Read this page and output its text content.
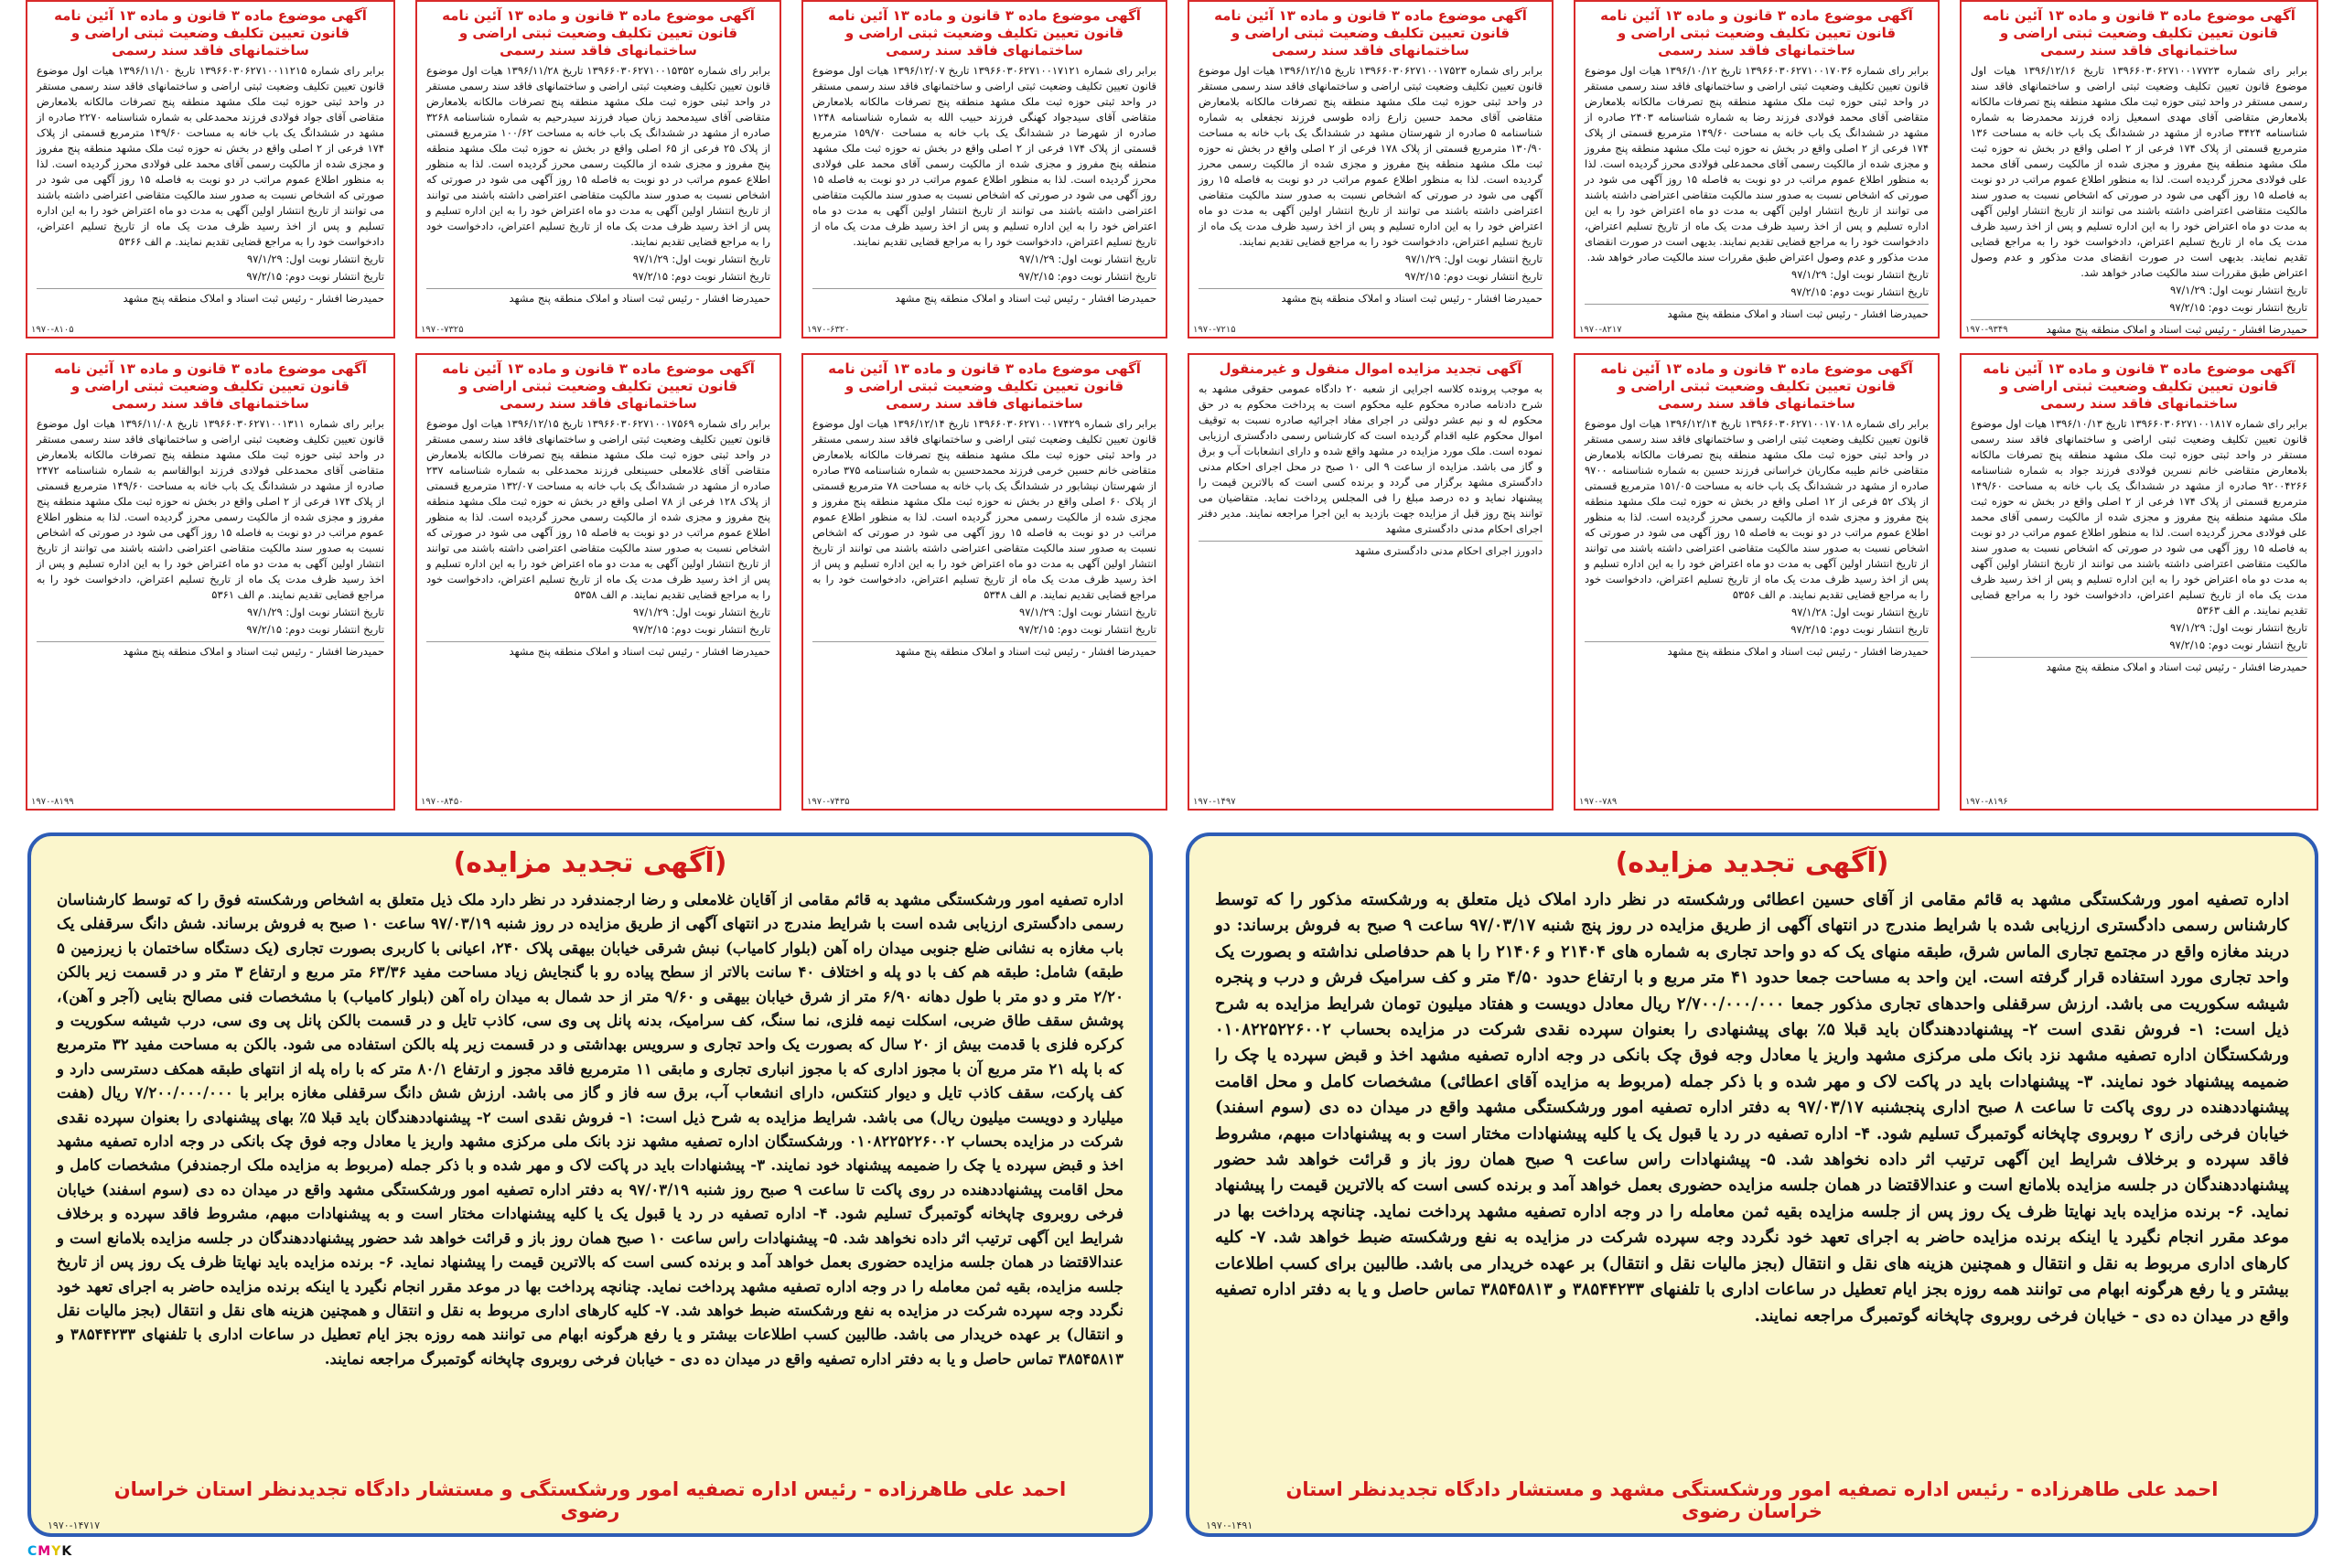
آگهی موضوع ماده ۳ قانون و ماده ۱۳ آئین نامه قانون تعیین تکلیف وضعیت ثبتی اراضی و ساختمانهای فاقد سند رسمی
برابر رای شماره ۱۳۹۶۶۰۳۰۶۲۷۱۰۰۱۷۷۲۳ تاریخ ۱۳۹۶/۱۲/۱۶ هیات اول موضوع قانون تعیین تکلیف وضعیت ثبتی اراضی و ساختمانهای فاقد سند رسمی مستقر در واحد ثبتی حوزه ثبت ملک مشهد منطقه پنج تصرفات مالکانه بلامعارض متقاضی آقای مهدی اسمعیل زاده فرزند محمدرضا به شماره شناسنامه ۳۴۲۴ صادره از مشهد در ششدانگ یک باب خانه به مساحت ۱۳۶ مترمربع قسمتی از پلاک ۱۷۴ فرعی از ۲ اصلی واقع در بخش نه حوزه ثبت ملک مشهد منطقه پنج مفروز و مجزی شده از مالکیت رسمی آقای محمد علی فولادی محرز گردیده است. لذا به منظور اطلاع عموم مراتب در دو نوبت به فاصله ۱۵ روز آگهی می شود در صورتی که اشخاص نسبت به صدور سند مالکیت متقاضی اعتراضی داشته باشند می توانند از تاریخ انتشار اولین آگهی به مدت دو ماه اعتراض خود را به این اداره تسلیم و پس از اخذ رسید ظرف مدت یک ماه از تاریخ تسلیم اعتراض، دادخواست خود را به مراجع قضایی تقدیم نمایند. بدیهی است در صورت انقضای مدت مذکور و عدم وصول اعتراض طبق مقررات سند مالکیت صادر خواهد شد.
تاریخ انتشار نوبت اول: ۹۷/۱/۲۹
تاریخ انتشار نوبت دوم: ۹۷/۲/۱۵
حمیدرضا افشار - رئیس ثبت اسناد و املاک منطقه پنج مشهد
۱۹۷۰-۹۳۴۹
آگهی موضوع ماده ۳ قانون و ماده ۱۳ آئین نامه قانون تعیین تکلیف وضعیت ثبتی اراضی و ساختمانهای فاقد سند رسمی
برابر رای شماره ۱۳۹۶۶۰۳۰۶۲۷۱۰۰۱۷۰۳۶ تاریخ ۱۳۹۶/۱۰/۱۲ هیات اول موضوع قانون تعیین تکلیف وضعیت ثبتی اراضی و ساختمانهای فاقد سند رسمی مستقر در واحد ثبتی حوزه ثبت ملک مشهد منطقه پنج تصرفات مالکانه بلامعارض متقاضی آقای محمد فولادی فرزند رضا به شماره شناسنامه ۲۴۰۳ صادره از مشهد در ششدانگ یک باب خانه به مساحت ۱۴۹/۶۰ مترمربع قسمتی از پلاک ۱۷۴ فرعی از ۲ اصلی واقع در بخش نه حوزه ثبت ملک مشهد منطقه پنج مفروز و مجزی شده از مالکیت رسمی آقای محمدعلی فولادی محرز گردیده است. لذا به منظور اطلاع عموم مراتب در دو نوبت به فاصله ۱۵ روز آگهی می شود در صورتی که اشخاص نسبت به صدور سند مالکیت متقاضی اعتراضی داشته باشند می توانند از تاریخ انتشار اولین آگهی به مدت دو ماه اعتراض خود را به این اداره تسلیم و پس از اخذ رسید ظرف مدت یک ماه از تاریخ تسلیم اعتراض، دادخواست خود را به مراجع قضایی تقدیم نمایند. بدیهی است در صورت انقضای مدت مذکور و عدم وصول اعتراض طبق مقررات سند مالکیت صادر خواهد شد.
تاریخ انتشار نوبت اول: ۹۷/۱/۲۹
تاریخ انتشار نوبت دوم: ۹۷/۲/۱۵
حمیدرضا افشار - رئیس ثبت اسناد و املاک منطقه پنج مشهد
۱۹۷۰-۸۲۱۷
آگهی موضوع ماده ۳ قانون و ماده ۱۳ آئین نامه قانون تعیین تکلیف وضعیت ثبتی اراضی و ساختمانهای فاقد سند رسمی
برابر رای شماره ۱۳۹۶۶۰۳۰۶۲۷۱۰۰۱۷۵۲۳ تاریخ ۱۳۹۶/۱۲/۱۵ هیات اول موضوع قانون تعیین تکلیف وضعیت ثبتی اراضی و ساختمانهای فاقد سند رسمی مستقر در واحد ثبتی حوزه ثبت ملک مشهد منطقه پنج تصرفات مالکانه بلامعارض متقاضی آقای محمد حسین زارع زاده طوسی فرزند نجفعلی به شماره شناسنامه ۵ صادره از شهرستان مشهد در ششدانگ یک باب خانه به مساحت ۱۳۰/۹۰ مترمربع قسمتی از پلاک ۱۷۸ فرعی از ۲ اصلی واقع در بخش نه حوزه ثبت ملک مشهد منطقه پنج مفروز و مجزی شده از مالکیت رسمی محرز گردیده است. لذا به منظور اطلاع عموم مراتب در دو نوبت به فاصله ۱۵ روز آگهی می شود در صورتی که اشخاص نسبت به صدور سند مالکیت متقاضی اعتراضی داشته باشند می توانند از تاریخ انتشار اولین آگهی به مدت دو ماه اعتراض خود را به این اداره تسلیم و پس از اخذ رسید ظرف مدت یک ماه از تاریخ تسلیم اعتراض، دادخواست خود را به مراجع قضایی تقدیم نمایند.
تاریخ انتشار نوبت اول: ۹۷/۱/۲۹
تاریخ انتشار نوبت دوم: ۹۷/۲/۱۵
حمیدرضا افشار - رئیس ثبت اسناد و املاک منطقه پنج مشهد
۱۹۷۰-۷۲۱۵
آگهی موضوع ماده ۳ قانون و ماده ۱۳ آئین نامه قانون تعیین تکلیف وضعیت ثبتی اراضی و ساختمانهای فاقد سند رسمی
برابر رای شماره ۱۳۹۶۶۰۳۰۶۲۷۱۰۰۱۷۱۲۱ تاریخ ۱۳۹۶/۱۲/۰۷ هیات اول موضوع قانون تعیین تکلیف وضعیت ثبتی اراضی و ساختمانهای فاقد سند رسمی مستقر در واحد ثبتی حوزه ثبت ملک مشهد منطقه پنج تصرفات مالکانه بلامعارض متقاضی آقای سیدجواد کهنگی فرزند حبیب الله به شماره شناسنامه ۱۲۴۸ صادره از شهرضا در ششدانگ یک باب خانه به مساحت ۱۵۹/۷۰ مترمربع قسمتی از پلاک ۱۷۴ فرعی از ۲ اصلی واقع در بخش نه حوزه ثبت ملک مشهد منطقه پنج مفروز و مجزی شده از مالکیت رسمی آقای محمد علی فولادی محرز گردیده است. لذا به منظور اطلاع عموم مراتب در دو نوبت به فاصله ۱۵ روز آگهی می شود در صورتی که اشخاص نسبت به صدور سند مالکیت متقاضی اعتراضی داشته باشند می توانند از تاریخ انتشار اولین آگهی به مدت دو ماه اعتراض خود را به این اداره تسلیم و پس از اخذ رسید ظرف مدت یک ماه از تاریخ تسلیم اعتراض، دادخواست خود را به مراجع قضایی تقدیم نمایند.
تاریخ انتشار نوبت اول: ۹۷/۱/۲۹
تاریخ انتشار نوبت دوم: ۹۷/۲/۱۵
حمیدرضا افشار - رئیس ثبت اسناد و املاک منطقه پنج مشهد
۱۹۷۰-۶۳۲۰
آگهی موضوع ماده ۳ قانون و ماده ۱۳ آئین نامه قانون تعیین تکلیف وضعیت ثبتی اراضی و ساختمانهای فاقد سند رسمی
برابر رای شماره ۱۳۹۶۶۰۳۰۶۲۷۱۰۰۱۵۳۵۲ تاریخ ۱۳۹۶/۱۱/۲۸ هیات اول موضوع قانون تعیین تکلیف وضعیت ثبتی اراضی و ساختمانهای فاقد سند رسمی مستقر در واحد ثبتی حوزه ثبت ملک مشهد منطقه پنج تصرفات مالکانه بلامعارض متقاضی آقای سیدمحمد زبان صیاد فرزند سیدرحیم به شماره شناسنامه ۳۲۶۸ صادره از مشهد در ششدانگ یک باب خانه به مساحت ۱۰۰/۶۲ مترمربع قسمتی از پلاک ۲۵ فرعی از ۶۵ اصلی واقع در بخش نه حوزه ثبت ملک مشهد منطقه پنج مفروز و مجزی شده از مالکیت رسمی محرز گردیده است. لذا به منظور اطلاع عموم مراتب در دو نوبت به فاصله ۱۵ روز آگهی می شود در صورتی که اشخاص نسبت به صدور سند مالکیت متقاضی اعتراضی داشته باشند می توانند از تاریخ انتشار اولین آگهی به مدت دو ماه اعتراض خود را به این اداره تسلیم و پس از اخذ رسید ظرف مدت یک ماه از تاریخ تسلیم اعتراض، دادخواست خود را به مراجع قضایی تقدیم نمایند.
تاریخ انتشار نوبت اول: ۹۷/۱/۲۹
تاریخ انتشار نوبت دوم: ۹۷/۲/۱۵
حمیدرضا افشار - رئیس ثبت اسناد و املاک منطقه پنج مشهد
۱۹۷۰-۷۳۲۵
آگهی موضوع ماده ۳ قانون و ماده ۱۳ آئین نامه قانون تعیین تکلیف وضعیت ثبتی اراضی و ساختمانهای فاقد سند رسمی
برابر رای شماره ۱۳۹۶۶۰۳۰۶۲۷۱۰۰۱۱۲۱۵ تاریخ ۱۳۹۶/۱۱/۱۰ هیات اول موضوع قانون تعیین تکلیف وضعیت ثبتی اراضی و ساختمانهای فاقد سند رسمی مستقر در واحد ثبتی حوزه ثبت ملک مشهد منطقه پنج تصرفات مالکانه بلامعارض متقاضی آقای جواد فولادی فرزند محمدعلی به شماره شناسنامه ۲۲۷۰ صادره از مشهد در ششدانگ یک باب خانه به مساحت ۱۴۹/۶۰ مترمربع قسمتی از پلاک ۱۷۴ فرعی از ۲ اصلی واقع در بخش نه حوزه ثبت ملک مشهد منطقه پنج مفروز و مجزی شده از مالکیت رسمی آقای محمد علی فولادی محرز گردیده است. لذا به منظور اطلاع عموم مراتب در دو نوبت به فاصله ۱۵ روز آگهی می شود در صورتی که اشخاص نسبت به صدور سند مالکیت متقاضی اعتراضی داشته باشند می توانند از تاریخ انتشار اولین آگهی به مدت دو ماه اعتراض خود را به این اداره تسلیم و پس از اخذ رسید ظرف مدت یک ماه از تاریخ تسلیم اعتراض، دادخواست خود را به مراجع قضایی تقدیم نمایند. م الف ۵۳۶۶
تاریخ انتشار نوبت اول: ۹۷/۱/۲۹
تاریخ انتشار نوبت دوم: ۹۷/۲/۱۵
حمیدرضا افشار - رئیس ثبت اسناد و املاک منطقه پنج مشهد
۱۹۷۰-۸۱۰۵
آگهی موضوع ماده ۳ قانون و ماده ۱۳ آئین نامه قانون تعیین تکلیف وضعیت ثبتی اراضی و ساختمانهای فاقد سند رسمی
برابر رای شماره ۱۳۹۶۶۰۳۰۶۲۷۱۰۰۱۸۱۷ تاریخ ۱۳۹۶/۱۰/۱۳ هیات اول موضوع قانون تعیین تکلیف وضعیت ثبتی اراضی و ساختمانهای فاقد سند رسمی مستقر در واحد ثبتی حوزه ثبت ملک مشهد منطقه پنج تصرفات مالکانه بلامعارض متقاضی خانم نسرین فولادی فرزند جواد به شماره شناسنامه ۹۲۰۰۴۲۶۶ صادره از مشهد در ششدانگ یک باب خانه به مساحت ۱۴۹/۶۰ مترمربع قسمتی از پلاک ۱۷۴ فرعی از ۲ اصلی واقع در بخش نه حوزه ثبت ملک مشهد منطقه پنج مفروز و مجزی شده از مالکیت رسمی آقای محمد علی فولادی محرز گردیده است. لذا به منظور اطلاع عموم مراتب در دو نوبت به فاصله ۱۵ روز آگهی می شود در صورتی که اشخاص نسبت به صدور سند مالکیت متقاضی اعتراضی داشته باشند می توانند از تاریخ انتشار اولین آگهی به مدت دو ماه اعتراض خود را به این اداره تسلیم و پس از اخذ رسید ظرف مدت یک ماه از تاریخ تسلیم اعتراض، دادخواست خود را به مراجع قضایی تقدیم نمایند. م الف ۵۳۶۳
تاریخ انتشار نوبت اول: ۹۷/۱/۲۹
تاریخ انتشار نوبت دوم: ۹۷/۲/۱۵
حمیدرضا افشار - رئیس ثبت اسناد و املاک منطقه پنج مشهد
۱۹۷۰-۸۱۹۶
آگهی موضوع ماده ۳ قانون و ماده ۱۳ آئین نامه قانون تعیین تکلیف وضعیت ثبتی اراضی و ساختمانهای فاقد سند رسمی
برابر رای شماره ۱۳۹۶۶۰۳۰۶۲۷۱۰۰۱۷۰۱۸ تاریخ ۱۳۹۶/۱۲/۱۴ هیات اول موضوع قانون تعیین تکلیف وضعیت ثبتی اراضی و ساختمانهای فاقد سند رسمی مستقر در واحد ثبتی حوزه ثبت ملک مشهد منطقه پنج تصرفات مالکانه بلامعارض متقاضی خانم طیبه مکاریان خراسانی فرزند حسین به شماره شناسنامه ۹۷۰۰ صادره از مشهد در ششدانگ یک باب خانه به مساحت ۱۵۱/۰۵ مترمربع قسمتی از پلاک ۵۲ فرعی از ۱۲ اصلی واقع در بخش نه حوزه ثبت ملک مشهد منطقه پنج مفروز و مجزی شده از مالکیت رسمی محرز گردیده است. لذا به منظور اطلاع عموم مراتب در دو نوبت به فاصله ۱۵ روز آگهی می شود در صورتی که اشخاص نسبت به صدور سند مالکیت متقاضی اعتراضی داشته باشند می توانند از تاریخ انتشار اولین آگهی به مدت دو ماه اعتراض خود را به این اداره تسلیم و پس از اخذ رسید ظرف مدت یک ماه از تاریخ تسلیم اعتراض، دادخواست خود را به مراجع قضایی تقدیم نمایند. م الف ۵۳۵۶
تاریخ انتشار نوبت اول: ۹۷/۱/۲۸
تاریخ انتشار نوبت دوم: ۹۷/۲/۱۵
حمیدرضا افشار - رئیس ثبت اسناد و املاک منطقه پنج مشهد
۱۹۷۰-۷۸۹
آگهی تجدید مزایده اموال منقول و غیرمنقول
به موجب پرونده کلاسه اجرایی از شعبه ۲۰ دادگاه عمومی حقوقی مشهد به شرح دادنامه صادره محکوم علیه محکوم است به پرداخت محکوم به در حق محکوم له و نیم عشر دولتی در اجرای مفاد اجرائیه صادره نسبت به توقیف اموال محکوم علیه اقدام گردیده است که کارشناس رسمی دادگستری ارزیابی نموده است. ملک مورد مزایده در مشهد واقع شده و دارای انشعابات آب و برق و گاز می باشد. مزایده از ساعت ۹ الی ۱۰ صبح در محل اجرای احکام مدنی دادگستری مشهد برگزار می گردد و برنده کسی است که بالاترین قیمت را پیشنهاد نماید و ده درصد مبلغ را فی المجلس پرداخت نماید. متقاضیان می توانند پنج روز قبل از مزایده جهت بازدید به این اجرا مراجعه نمایند. مدیر دفتر اجرای احکام مدنی دادگستری مشهد
دادورز اجرای احکام مدنی دادگستری مشهد
۱۹۷۰-۱۴۹۷
آگهی موضوع ماده ۳ قانون و ماده ۱۳ آئین نامه قانون تعیین تکلیف وضعیت ثبتی اراضی و ساختمانهای فاقد سند رسمی
برابر رای شماره ۱۳۹۶۶۰۳۰۶۲۷۱۰۰۱۷۴۲۹ تاریخ ۱۳۹۶/۱۲/۱۴ هیات اول موضوع قانون تعیین تکلیف وضعیت ثبتی اراضی و ساختمانهای فاقد سند رسمی مستقر در واحد ثبتی حوزه ثبت ملک مشهد منطقه پنج تصرفات مالکانه بلامعارض متقاضی خانم حسین خرمی فرزند محمدحسین به شماره شناسنامه ۳۷۵ صادره از شهرستان نیشابور در ششدانگ یک باب خانه به مساحت ۷۸ مترمربع قسمتی از پلاک ۶۰ اصلی واقع در بخش نه حوزه ثبت ملک مشهد منطقه پنج مفروز و مجزی شده از مالکیت رسمی محرز گردیده است. لذا به منظور اطلاع عموم مراتب در دو نوبت به فاصله ۱۵ روز آگهی می شود در صورتی که اشخاص نسبت به صدور سند مالکیت متقاضی اعتراضی داشته باشند می توانند از تاریخ انتشار اولین آگهی به مدت دو ماه اعتراض خود را به این اداره تسلیم و پس از اخذ رسید ظرف مدت یک ماه از تاریخ تسلیم اعتراض، دادخواست خود را به مراجع قضایی تقدیم نمایند. م الف ۵۳۴۸
تاریخ انتشار نوبت اول: ۹۷/۱/۲۹
تاریخ انتشار نوبت دوم: ۹۷/۲/۱۵
حمیدرضا افشار - رئیس ثبت اسناد و املاک منطقه پنج مشهد
۱۹۷۰-۷۴۳۵
آگهی موضوع ماده ۳ قانون و ماده ۱۳ آئین نامه قانون تعیین تکلیف وضعیت ثبتی اراضی و ساختمانهای فاقد سند رسمی
برابر رای شماره ۱۳۹۶۶۰۳۰۶۲۷۱۰۰۱۷۵۶۹ تاریخ ۱۳۹۶/۱۲/۱۵ هیات اول موضوع قانون تعیین تکلیف وضعیت ثبتی اراضی و ساختمانهای فاقد سند رسمی مستقر در واحد ثبتی حوزه ثبت ملک مشهد منطقه پنج تصرفات مالکانه بلامعارض متقاضی آقای غلامعلی حسینعلی فرزند محمدعلی به شماره شناسنامه ۲۳۷ صادره از مشهد در ششدانگ یک باب خانه به مساحت ۱۳۲/۰۷ مترمربع قسمتی از پلاک ۱۲۸ فرعی از ۷۸ اصلی واقع در بخش نه حوزه ثبت ملک مشهد منطقه پنج مفروز و مجزی شده از مالکیت رسمی محرز گردیده است. لذا به منظور اطلاع عموم مراتب در دو نوبت به فاصله ۱۵ روز آگهی می شود در صورتی که اشخاص نسبت به صدور سند مالکیت متقاضی اعتراضی داشته باشند می توانند از تاریخ انتشار اولین آگهی به مدت دو ماه اعتراض خود را به این اداره تسلیم و پس از اخذ رسید ظرف مدت یک ماه از تاریخ تسلیم اعتراض، دادخواست خود را به مراجع قضایی تقدیم نمایند. م الف ۵۳۵۸
تاریخ انتشار نوبت اول: ۹۷/۱/۲۹
تاریخ انتشار نوبت دوم: ۹۷/۲/۱۵
حمیدرضا افشار - رئیس ثبت اسناد و املاک منطقه پنج مشهد
۱۹۷۰-۸۴۵۰
آگهی موضوع ماده ۳ قانون و ماده ۱۳ آئین نامه قانون تعیین تکلیف وضعیت ثبتی اراضی و ساختمانهای فاقد سند رسمی
برابر رای شماره ۱۳۹۶۶۰۳۰۶۲۷۱۰۰۱۳۱۱ تاریخ ۱۳۹۶/۱۱/۰۸ هیات اول موضوع قانون تعیین تکلیف وضعیت ثبتی اراضی و ساختمانهای فاقد سند رسمی مستقر در واحد ثبتی حوزه ثبت ملک مشهد منطقه پنج تصرفات مالکانه بلامعارض متقاضی آقای محمدعلی فولادی فرزند ابوالقاسم به شماره شناسنامه ۲۴۷۲ صادره از مشهد در ششدانگ یک باب خانه به مساحت ۱۴۹/۶۰ مترمربع قسمتی از پلاک ۱۷۴ فرعی از ۲ اصلی واقع در بخش نه حوزه ثبت ملک مشهد منطقه پنج مفروز و مجزی شده از مالکیت رسمی محرز گردیده است. لذا به منظور اطلاع عموم مراتب در دو نوبت به فاصله ۱۵ روز آگهی می شود در صورتی که اشخاص نسبت به صدور سند مالکیت متقاضی اعتراضی داشته باشند می توانند از تاریخ انتشار اولین آگهی به مدت دو ماه اعتراض خود را به این اداره تسلیم و پس از اخذ رسید ظرف مدت یک ماه از تاریخ تسلیم اعتراض، دادخواست خود را به مراجع قضایی تقدیم نمایند. م الف ۵۳۶۱
تاریخ انتشار نوبت اول: ۹۷/۱/۲۹
تاریخ انتشار نوبت دوم: ۹۷/۲/۱۵
حمیدرضا افشار - رئیس ثبت اسناد و املاک منطقه پنج مشهد
۱۹۷۰-۸۱۹۹
(آگهی تجدید مزایده)
اداره تصفیه امور ورشکستگی مشهد به قائم مقامی از آقای حسین اعطائی ورشکسته در نظر دارد املاک ذیل متعلق به ورشکسته مذکور را که توسط کارشناس رسمی دادگستری ارزیابی شده با شرایط مندرج در انتهای آگهی از طریق مزایده در روز پنج شنبه ۹۷/۰۳/۱۷ ساعت ۹ صبح به فروش برساند: دو دربند مغازه واقع در مجتمع تجاری الماس شرق، طبقه منهای یک که دو واحد تجاری به شماره های ۲۱۴۰۴ و ۲۱۴۰۶ را با هم حدفاصلی نداشته و بصورت یک واحد تجاری مورد استفاده قرار گرفته است. این واحد به مساحت جمعا حدود ۴۱ متر مربع و با ارتفاع حدود ۴/۵۰ متر و کف سرامیک فرش و درب و پنجره شیشه سکوریت می باشد. ارزش سرقفلی واحدهای تجاری مذکور جمعا ۲/۷۰۰/۰۰۰/۰۰۰ ریال معادل دویست و هفتاد میلیون تومان شرایط مزایده به شرح ذیل است: ۱- فروش نقدی است ۲- پیشنهاددهندگان باید قبلا ۵٪ بهای پیشنهادی را بعنوان سپرده نقدی شرکت در مزایده بحساب ۰۱۰۸۲۲۵۲۲۶۰۰۲ ورشکستگان اداره تصفیه مشهد نزد بانک ملی مرکزی مشهد واریز یا معادل وجه فوق چک بانکی در وجه اداره تصفیه مشهد اخذ و قبض سپرده یا چک را ضمیمه پیشنهاد خود نمایند. ۳- پیشنهادات باید در پاکت لاک و مهر شده و با ذکر جمله (مربوط به مزایده آقای اعطائی) مشخصات کامل و محل اقامت پیشنهاددهنده در روی پاکت تا ساعت ۸ صبح اداری پنجشنبه ۹۷/۰۳/۱۷ به دفتر اداره تصفیه امور ورشکستگی مشهد واقع در میدان ده دی (سوم اسفند) خیابان فرخی رازی ۲ روبروی چاپخانه گوتمبرگ تسلیم شود. ۴- اداره تصفیه در رد یا قبول یک یا کلیه پیشنهادات مختار است و به پیشنهادات مبهم، مشروط فاقد سپرده و برخلاف شرایط این آگهی ترتیب اثر داده نخواهد شد. ۵- پیشنهادات راس ساعت ۹ صبح همان روز باز و قرائت خواهد شد حضور پیشنهاددهندگان در جلسه مزایده بلامانع است و عندالاقتضا در همان جلسه مزایده حضوری بعمل خواهد آمد و برنده کسی است که بالاترین قیمت را پیشنهاد نماید. ۶- برنده مزایده باید نهایتا ظرف یک روز پس از جلسه مزایده بقیه ثمن معامله را در وجه اداره تصفیه مشهد پرداخت نماید. چنانچه پرداخت بها در موعد مقرر انجام نگیرد یا اینکه برنده مزایده حاضر به اجرای تعهد خود نگردد وجه سپرده شرکت در مزایده به نفع ورشکسته ضبط خواهد شد. ۷- کلیه کارهای اداری مربوط به نقل و انتقال و همچنین هزینه های نقل و انتقال (بجز مالیات نقل و انتقال) بر عهده خریدار می باشد. طالبین برای کسب اطلاعات بیشتر و یا رفع هرگونه ابهام می توانند همه روزه بجز ایام تعطیل در ساعات اداری با تلفنهای ۳۸۵۴۴۲۳۳ و ۳۸۵۴۵۸۱۳ تماس حاصل و یا به دفتر اداره تصفیه واقع در میدان ده دی - خیابان فرخی روبروی چاپخانه گوتمبرگ مراجعه نمایند.
احمد علی طاهرزاده - رئیس اداره تصفیه امور ورشکستگی مشهد و مستشار دادگاه تجدیدنظر استان خراسان رضوی
۱۹۷۰-۱۴۹۱
(آگهی تجدید مزایده)
اداره تصفیه امور ورشکستگی مشهد به قائم مقامی از آقایان غلامعلی و رضا ارجمندفرد در نظر دارد ملک ذیل متعلق به اشخاص ورشکسته فوق را که توسط کارشناسان رسمی دادگستری ارزیابی شده است با شرایط مندرج در انتهای آگهی از طریق مزایده در روز شنبه ۹۷/۰۳/۱۹ ساعت ۱۰ صبح به فروش برساند. شش دانگ سرقفلی یک باب مغازه به نشانی ضلع جنوبی میدان راه آهن (بلوار کامیاب) نبش شرقی خیابان بیهقی پلاک ۲۴۰، اعیانی با کاربری بصورت تجاری (یک دستگاه ساختمان با زیرزمین ۵ طبقه) شامل: طبقه هم کف با دو پله و اختلاف ۴۰ سانت بالاتر از سطح پیاده رو با گنجایش زیاد مساحت مفید ۶۳/۳۶ متر مربع و ارتفاع ۳ متر و در قسمت زیر بالکن ۲/۲۰ متر و دو متر با طول دهانه ۶/۹۰ متر از شرق خیابان بیهقی و ۹/۶۰ متر از حد شمال به میدان راه آهن (بلوار کامیاب) با مشخصات فنی مصالح بنایی (آجر و آهن)، پوشش سقف طاق ضربی، اسکلت نیمه فلزی، نما سنگ، کف سرامیک، بدنه پانل پی وی سی، کاذب تایل و در قسمت بالکن پانل پی وی سی، درب شیشه سکوریت و کرکره فلزی با قدمت بیش از ۲۰ سال که بصورت یک واحد تجاری و سرویس بهداشتی و در قسمت زیر پله بالکن استفاده می شود. بالکن به مساحت مفید ۳۲ مترمربع که با پله ۲۱ متر مربع آن با مجوز اداری که با مجوز انباری تجاری و مابقی ۱۱ مترمربع فاقد مجوز و ارتفاع ۸۰/۱ متر که با راه پله از انتهای طبقه همکف دسترسی دارد و کف پارکت، سقف کاذب تایل و دیوار کنتکس، دارای انشعاب آب، برق سه فاز و گاز می باشد. ارزش شش دانگ سرقفلی مغازه برابر با ۷/۲۰۰/۰۰۰/۰۰۰ ریال (هفت میلیارد و دویست میلیون ریال) می باشد. شرایط مزایده به شرح ذیل است: ۱- فروش نقدی است ۲- پیشنهاددهندگان باید قبلا ۵٪ بهای پیشنهادی را بعنوان سپرده نقدی شرکت در مزایده بحساب ۰۱۰۸۲۲۵۲۲۶۰۰۲ ورشکستگان اداره تصفیه مشهد نزد بانک ملی مرکزی مشهد واریز یا معادل وجه فوق چک بانکی در وجه اداره تصفیه مشهد اخذ و قبض سپرده یا چک را ضمیمه پیشنهاد خود نمایند. ۳- پیشنهادات باید در پاکت لاک و مهر شده و با ذکر جمله (مربوط به مزایده ملک ارجمندفر) مشخصات کامل و محل اقامت پیشنهاددهنده در روی پاکت تا ساعت ۹ صبح روز شنبه ۹۷/۰۳/۱۹ به دفتر اداره تصفیه امور ورشکستگی مشهد واقع در میدان ده دی (سوم اسفند) خیابان فرخی روبروی چاپخانه گوتمبرگ تسلیم شود. ۴- اداره تصفیه در رد یا قبول یک یا کلیه پیشنهادات مختار است و به پیشنهادات مبهم، مشروط فاقد سپرده و برخلاف شرایط این آگهی ترتیب اثر داده نخواهد شد. ۵- پیشنهادات راس ساعت ۱۰ صبح همان روز باز و قرائت خواهد شد حضور پیشنهاددهندگان در جلسه مزایده بلامانع است و عندالاقتضا در همان جلسه مزایده حضوری بعمل خواهد آمد و برنده کسی است که بالاترین قیمت را پیشنهاد نماید. ۶- برنده مزایده باید نهایتا ظرف یک روز پس از تاریخ جلسه مزایده، بقیه ثمن معامله را در وجه اداره تصفیه مشهد پرداخت نماید. چنانچه پرداخت بها در موعد مقرر انجام نگیرد یا اینکه برنده مزایده حاضر به اجرای تعهد خود نگردد وجه سپرده شرکت در مزایده به نفع ورشکسته ضبط خواهد شد. ۷- کلیه کارهای اداری مربوط به نقل و انتقال و همچنین هزینه های نقل و انتقال (بجز مالیات نقل و انتقال) بر عهده خریدار می باشد. طالبین کسب اطلاعات بیشتر و یا رفع هرگونه ابهام می توانند همه روزه بجز ایام تعطیل در ساعات اداری با تلفنهای ۳۸۵۴۴۲۳۳ و ۳۸۵۴۵۸۱۳ تماس حاصل و یا به دفتر اداره تصفیه واقع در میدان ده دی - خیابان فرخی روبروی چاپخانه گوتمبرگ مراجعه نمایند.
احمد علی طاهرزاده - رئیس اداره تصفیه امور ورشکستگی و مستشار دادگاه تجدیدنظر استان خراسان رضوی
۱۹۷۰-۱۴۷۱۷
CMYK
